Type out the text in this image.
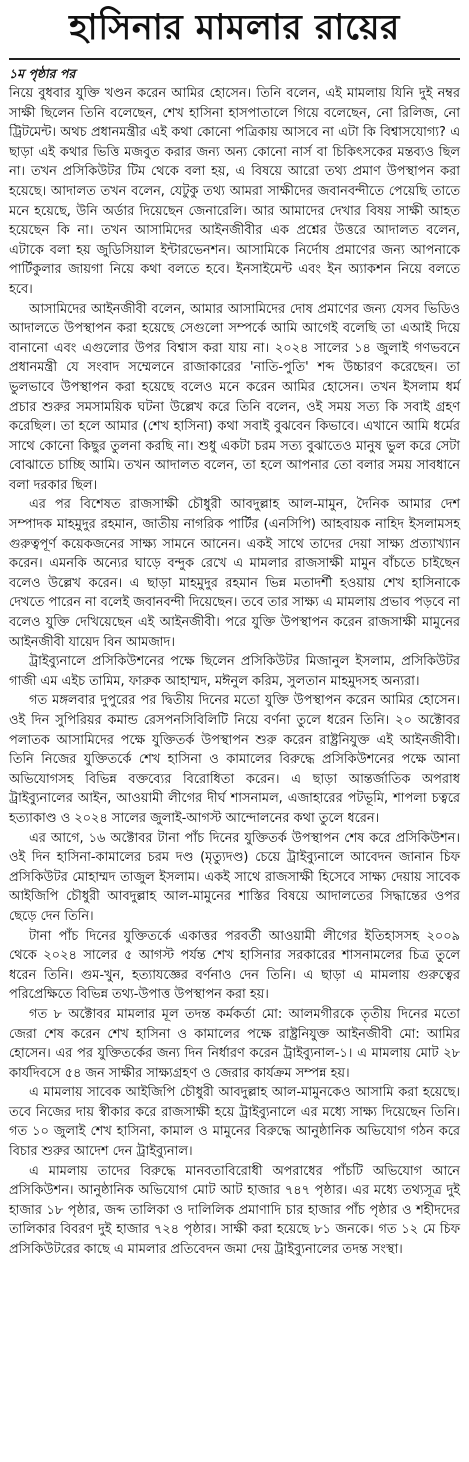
হাসিনার মামলার রায়ের
১ম পৃষ্ঠার পর

নিয়ে বুধবার যুক্তি খণ্ডন করেন আমির হোসেন। তিনি বলেন, এই মামলায় যিনি দুই নম্বর সাক্ষী ছিলেন তিনি বলেছেন, শেখ হাসিনা হাসপাতালে গিয়ে বলেছেন, নো রিলিজ, নো ট্রিটমেন্ট। অথচ প্রধানমন্ত্রীর এই কথা কোনো পত্রিকায় আসবে না এটা কি বিশ্বাসযোগ্য? এ ছাড়া এই কথার ভিত্তি মজবুত করার জন্য অন্য কোনো নার্স বা চিকিৎসকের মন্তব্যও ছিল না। তখন প্রসিকিউটর টিম থেকে বলা হয়, এ বিষয়ে আরো তথ্য প্রমাণ উপস্থাপন করা হয়েছে। আদালত তখন বলেন, যেটুকু তথ্য আমরা সাক্ষীদের জবানবন্দীতে পেয়েছি তাতে মনে হয়েছে, উনি অর্ডার দিয়েছেন জেনারেলি। আর আমাদের দেখার বিষয় সাক্ষী আহত হয়েছেন কি না। তখন আসামিদের আইনজীবীর এক প্রশ্নের উত্তরে আদালত বলেন, এটাকে বলা হয় জুডিসিয়াল ইন্টারভেনশন। আসামিকে নির্দোষ প্রমাণের জন্য আপনাকে পার্টিকুলার জায়গা নিয়ে কথা বলতে হবে। ইনসাইমেন্ট এবং ইন অ্যাকশন নিয়ে বলতে হবে।

আসামিদের আইনজীবী বলেন, আমার আসামিদের দোষ প্রমাণের জন্য যেসব ভিডিও আদালতে উপস্থাপন করা হয়েছে সেগুলো সম্পর্কে আমি আগেই বলেছি তা এআই দিয়ে বানানো এবং এগুলোর উপর বিশ্বাস করা যায় না। ২০২৪ সালের ১৪ জুলাই গণভবনে প্রধানমন্ত্রী যে সংবাদ সম্মেলনে রাজাকারের 'নাতি-পুতি' শব্দ উচ্চারণ করেছেন। তা ভুলভাবে উপস্থাপন করা হয়েছে বলেও মনে করেন আমির হোসেন। তখন ইসলাম ধর্ম প্রচার শুরুর সমসাময়িক ঘটনা উল্লেখ করে তিনি বলেন, ওই সময় সত্য কি সবাই গ্রহণ করেছিল। তা হলে আমার (শেখ হাসিনা) কথা সবাই বুঝবেন কিভাবে। এখানে আমি ধর্মের সাথে কোনো কিছুর তুলনা করছি না। শুধু একটা চরম সত্য বুঝাতেও মানুষ ভুল করে সেটা বোঝাতে চাচ্ছি আমি। তখন আদালত বলেন, তা হলে আপনার তো বলার সময় সাবধানে বলা দরকার ছিল।

এর পর বিশেষত রাজসাক্ষী চৌধুরী আবদুল্লাহ আল-মামুন, দৈনিক আমার দেশ সম্পাদক মাহমুদুর রহমান, জাতীয় নাগরিক পার্টির (এনসিপি) আহবায়ক নাহিদ ইসলামসহ গুরুত্বপূর্ণ কয়েকজনের সাক্ষ্য সামনে আনেন। একই সাথে তাদের দেয়া সাক্ষ্য প্রত্যাখ্যান করেন। এমনকি অন্যের ঘাড়ে বন্দুক রেখে এ মামলার রাজসাক্ষী মামুন বাঁচতে চাইছেন বলেও উল্লেখ করেন। এ ছাড়া মাহমুদুর রহমান ভিন্ন মতাদর্শী হওয়ায় শেখ হাসিনাকে দেখতে পারেন না বলেই জবানবন্দী দিয়েছেন। তবে তার সাক্ষ্য এ মামলায় প্রভাব পড়বে না বলেও যুক্তি দেখিয়েছেন এই আইনজীবী। পরে যুক্তি উপস্থাপন করেন রাজসাক্ষী মামুনের আইনজীবী যায়েদ বিন আমজাদ।

ট্রাইব্যুনালে প্রসিকিউশনের পক্ষে ছিলেন প্রসিকিউটর মিজানুল ইসলাম, প্রসিকিউটর গাজী এম এইচ তামিম, ফারুক আহাম্মদ, মঈনুল করিম, সুলতান মাহমুদসহ অন্যরা।

গত মঙ্গলবার দুপুরের পর দ্বিতীয় দিনের মতো যুক্তি উপস্থাপন করেন আমির হোসেন। ওই দিন সুপিরিয়র কমান্ড রেসপনসিবিলিটি নিয়ে বর্ণনা তুলে ধরেন তিনি। ২০ অক্টোবর পলাতক আসামিদের পক্ষে যুক্তিতর্ক উপস্থাপন শুরু করেন রাষ্ট্রনিযুক্ত এই আইনজীবী। তিনি নিজের যুক্তিতর্কে শেখ হাসিনা ও কামালের বিরুদ্ধে প্রসিকিউশনের পক্ষে আনা অভিযোগসহ বিভিন্ন বক্তব্যের বিরোধিতা করেন। এ ছাড়া আন্তর্জাতিক অপরাধ ট্রাইব্যুনালের আইন, আওয়ামী লীগের দীর্ঘ শাসনামল, এজাহারের পটভূমি, শাপলা চত্বরে হত্যাকাণ্ড ও ২০২৪ সালের জুলাই-আগস্ট আন্দোলনের কথা তুলে ধরেন।

এর আগে, ১৬ অক্টোবর টানা পাঁচ দিনের যুক্তিতর্ক উপস্থাপন শেষ করে প্রসিকিউশন। ওই দিন হাসিনা-কামালের চরম দণ্ড (মৃত্যুদণ্ড) চেয়ে ট্রাইব্যুনালে আবেদন জানান চিফ প্রসিকিউটর মোহাম্মদ তাজুল ইসলাম। একই সাথে রাজসাক্ষী হিসেবে সাক্ষ্য দেয়ায় সাবেক আইজিপি চৌধুরী আবদুল্লাহ আল-মামুনের শাস্তির বিষয়ে আদালতের সিদ্ধান্তের ওপর ছেড়ে দেন তিনি।

টানা পাঁচ দিনের যুক্তিতর্কে একাত্তর পরবর্তী আওয়ামী লীগের ইতিহাসসহ ২০০৯ থেকে ২০২৪ সালের ৫ আগস্ট পর্যন্ত শেখ হাসিনার সরকারের শাসনামলের চিত্র তুলে ধরেন তিনি। গুম-খুন, হত্যাযজ্ঞের বর্ণনাও দেন তিনি। এ ছাড়া এ মামলায় গুরুত্বের পরিপ্রেক্ষিতে বিভিন্ন তথ্য-উপাত্ত উপস্থাপন করা হয়।

গত ৮ অক্টোবর মামলার মূল তদন্ত কর্মকর্তা মো: আলমগীরকে তৃতীয় দিনের মতো জেরা শেষ করেন শেখ হাসিনা ও কামালের পক্ষে রাষ্ট্রনিযুক্ত আইনজীবী মো: আমির হোসেন। এর পর যুক্তিতর্কের জন্য দিন নির্ধারণ করেন ট্রাইব্যুনাল-১। এ মামলায় মোট ২৮ কার্যদিবসে ৫৪ জন সাক্ষীর সাক্ষ্যগ্রহণ ও জেরার কার্যক্রম সম্পন্ন হয়।

এ মামলায় সাবেক আইজিপি চৌধুরী আবদুল্লাহ আল-মামুনকেও আসামি করা হয়েছে। তবে নিজের দায় স্বীকার করে রাজসাক্ষী হয়ে ট্রাইব্যুনালে এর মধ্যে সাক্ষ্য দিয়েছেন তিনি। গত ১০ জুলাই শেখ হাসিনা, কামাল ও মামুনের বিরুদ্ধে আনুষ্ঠানিক অভিযোগ গঠন করে বিচার শুরুর আদেশ দেন ট্রাইব্যুনাল।

এ মামলায় তাদের বিরুদ্ধে মানবতাবিরোধী অপরাধের পাঁচটি অভিযোগ আনে প্রসিকিউশন। আনুষ্ঠানিক অভিযোগ মোট আট হাজার ৭৪৭ পৃষ্ঠার। এর মধ্যে তথ্যসূত্র দুই হাজার ১৮ পৃষ্ঠার, জব্দ তালিকা ও দালিলিক প্রমাণাদি চার হাজার পাঁচ পৃষ্ঠার ও শহীদদের তালিকার বিবরণ দুই হাজার ৭২৪ পৃষ্ঠার। সাক্ষী করা হয়েছে ৮১ জনকে। গত ১২ মে চিফ প্রসিকিউটরের কাছে এ মামলার প্রতিবেদন জমা দেয় ট্রাইব্যুনালের তদন্ত সংস্থা।
